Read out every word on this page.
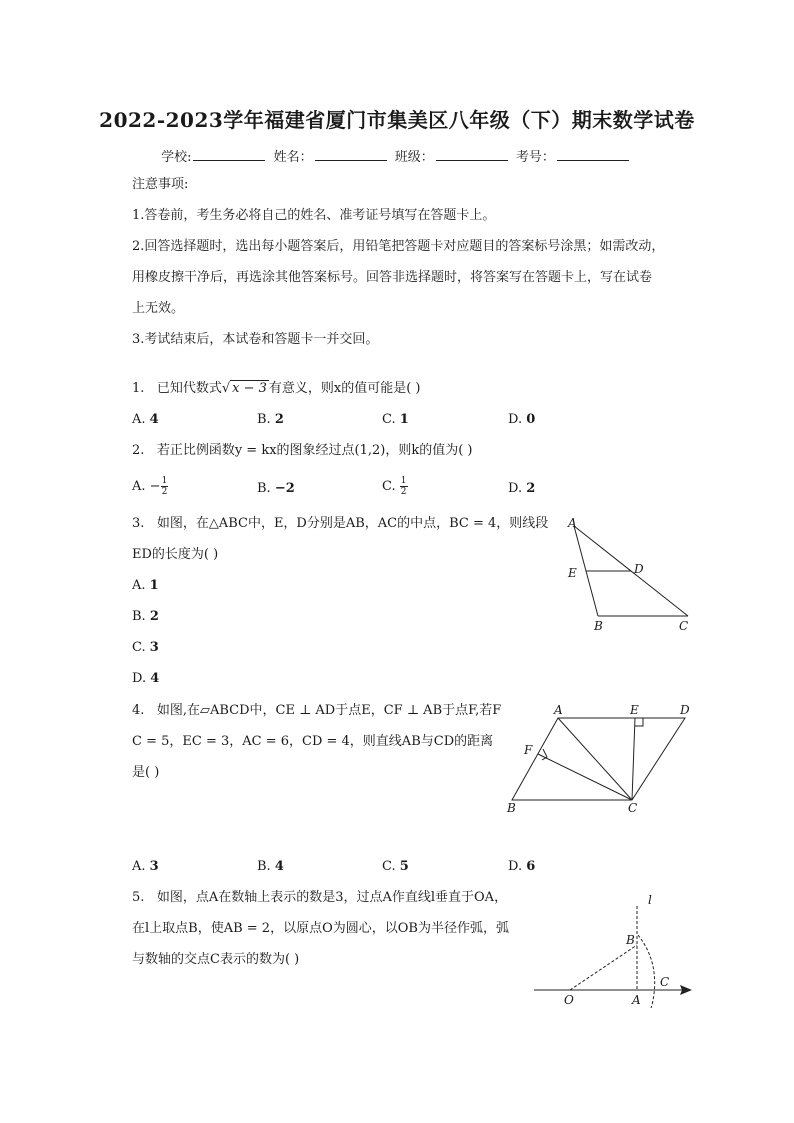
2022-2023学年福建省厦门市集美区八年级（下）期末数学试卷
学校:	姓名：	班级：	考号：
注意事项:
1.答卷前，考生务必将自己的姓名、准考证号填写在答题卡上。
2.回答选择题时，选出每小题答案后，用铅笔把答题卡对应题目的答案标号涂黑；如需改动，
用橡皮擦干净后，再选涂其他答案标号。回答非选择题时，将答案写在答题卡上，写在试卷
上无效。
3.考试结束后，本试卷和答题卡一并交回。
1. 已知代数式√ x − 3 有意义，则x的值可能是( )
A. 4	B. 2	C. 1	D. 0
2. 若正比例函数y = kx的图象经过点(1,2)，则k的值为( )
A. − $\frac{1}{2}$	B. −2	C. $\frac{1}{2}$	D. 2
3. 如图，在△ABC中，E，D分别是AB，AC的中点，BC = 4，则线段
ED的长度为( )
A. 1
B. 2
C. 3
D. 4
A
E	D
B	C
4. 如图,在▱ABCD中，CE ⊥ AD于点E，CF ⊥ AB于点F,若F
C = 5，EC = 3，AC = 6，CD = 4，则直线AB与CD的距离
是( )
A	E	D
F
B	C
A. 3	B. 4	C. 5	D. 6
5. 如图，点A在数轴上表示的数是3，过点A作直线l垂直于OA，
在l上取点B，使AB = 2，以原点O为圆心，以OB为半径作弧，弧
与数轴的交点C表示的数为( )
l
B
O	A
C
